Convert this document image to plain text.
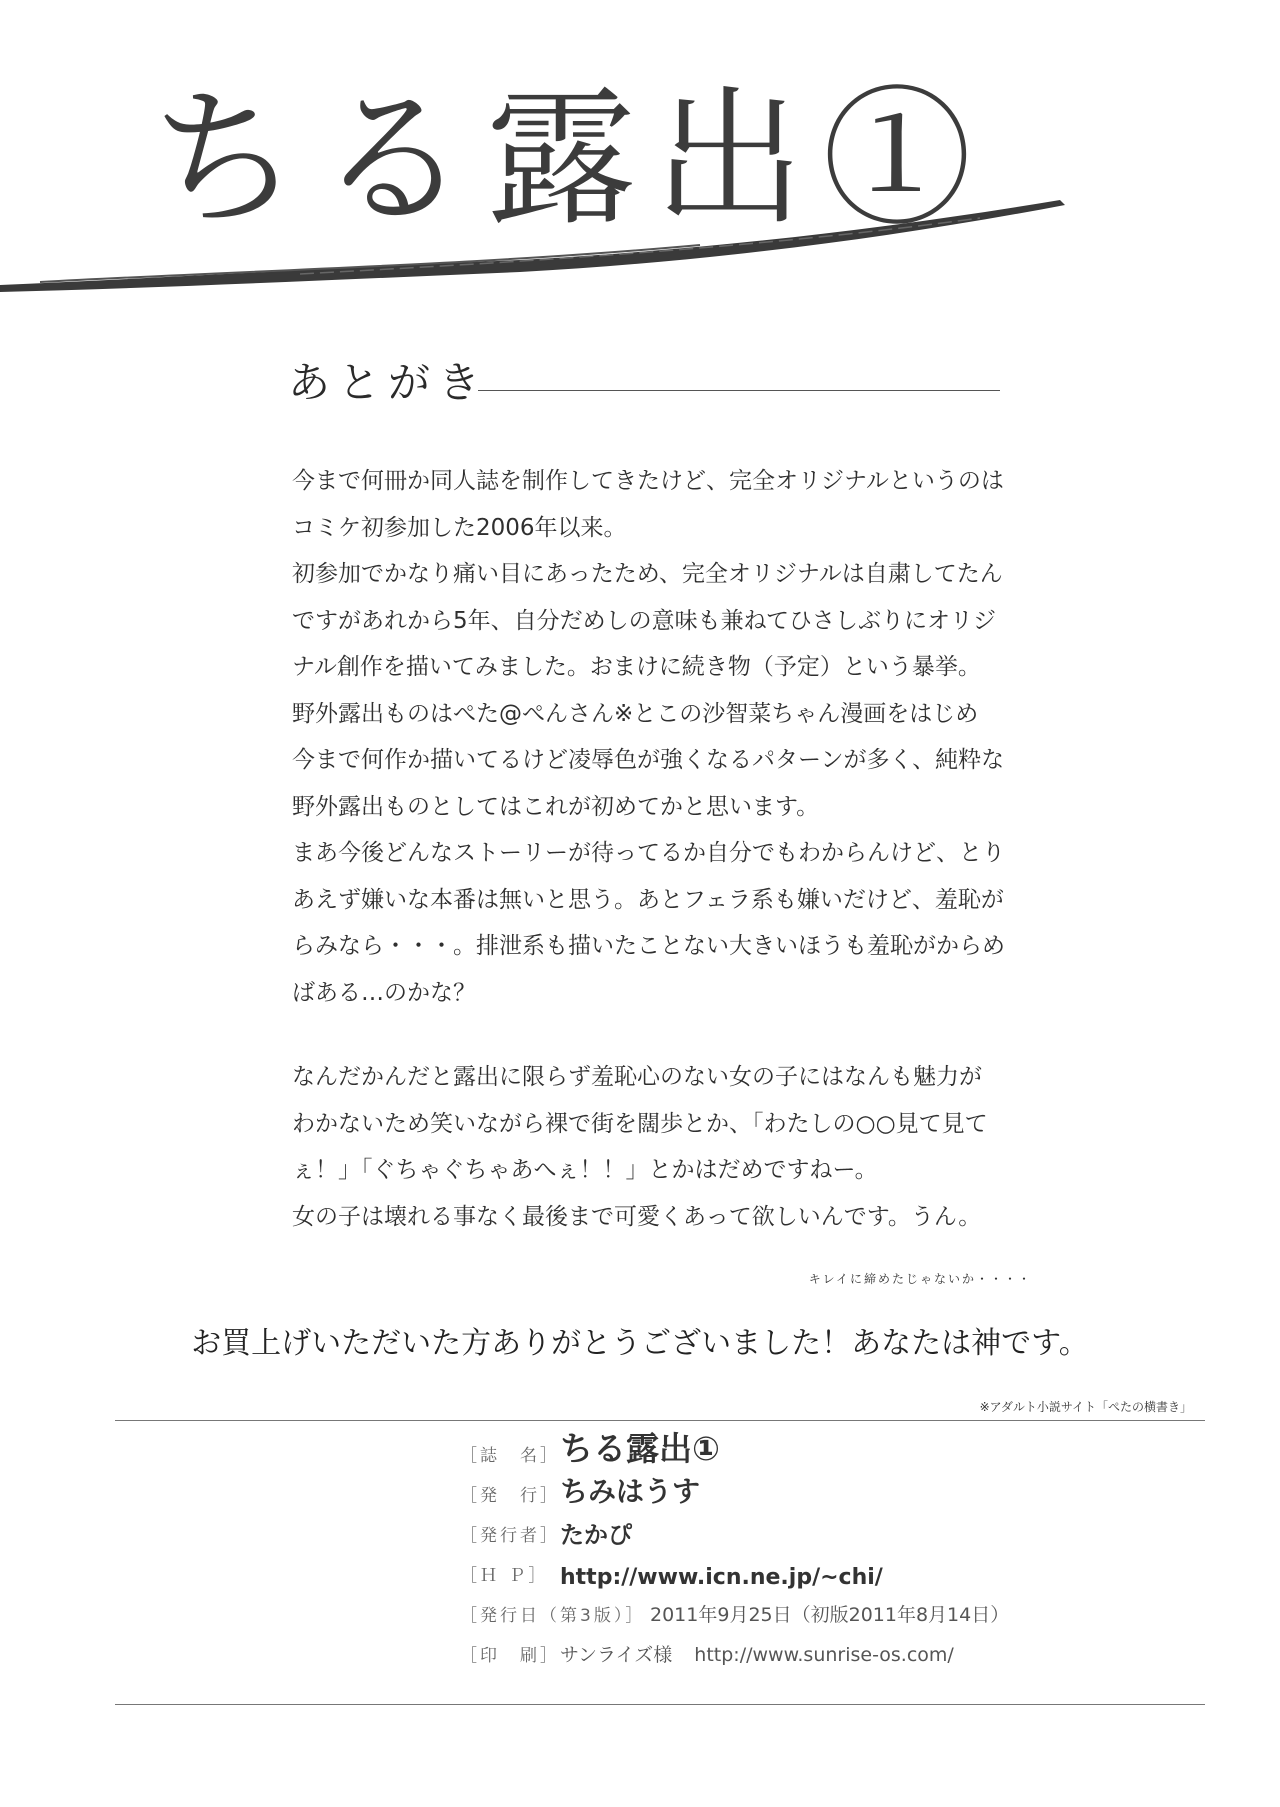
ちる露出①
あとがき
今まで何冊か同人誌を制作してきたけど、完全オリジナルというのは
コミケ初参加した2006年以来。
初参加でかなり痛い目にあったため、完全オリジナルは自粛してたん
ですがあれから5年、自分だめしの意味も兼ねてひさしぶりにオリジ
ナル創作を描いてみました。おまけに続き物（予定）という暴挙。
野外露出ものはぺた@ぺんさん※とこの沙智菜ちゃん漫画をはじめ
今まで何作か描いてるけど凌辱色が強くなるパターンが多く、純粋な
野外露出ものとしてはこれが初めてかと思います。
まあ今後どんなストーリーが待ってるか自分でもわからんけど、とり
あえず嫌いな本番は無いと思う。あとフェラ系も嫌いだけど、羞恥が
らみなら・・・。排泄系も描いたことない大きいほうも羞恥がからめ
ばある…のかな？
なんだかんだと露出に限らず羞恥心のない女の子にはなんも魅力が
わかないため笑いながら裸で街を闊歩とか、「わたしの○○見て見て
ぇ！」「ぐちゃぐちゃあへぇ！！」とかはだめですねー。
女の子は壊れる事なく最後まで可愛くあって欲しいんです。うん。
キレイに締めたじゃないか・・・・
お買上げいただいた方ありがとうございました！あなたは神です。
※アダルト小説サイト「ぺたの横書き」
［誌　名］ ちる露出①
［発　行］ ちみはうす
［発行者］ たかぴ
［Ｈ Ｐ］ http://www.icn.ne.jp/~chi/
［発行日（第3版）］ 2011年9月25日（初版2011年8月14日）
［印　刷］ サンライズ様 http://www.sunrise-os.com/
